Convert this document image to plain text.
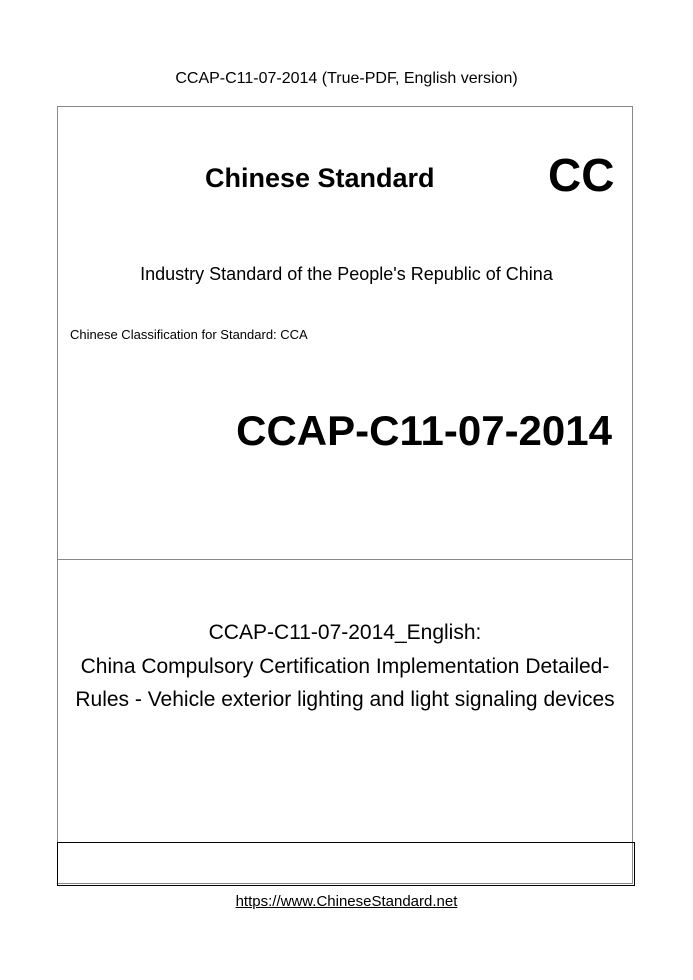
CCAP-C11-07-2014 (True-PDF, English version)
Chinese Standard CC
Industry Standard of the People's Republic of China
Chinese Classification for Standard: CCA
CCAP-C11-07-2014
CCAP-C11-07-2014_English:
China Compulsory Certification Implementation Detailed-
Rules - Vehicle exterior lighting and light signaling devices
https://www.ChineseStandard.net
